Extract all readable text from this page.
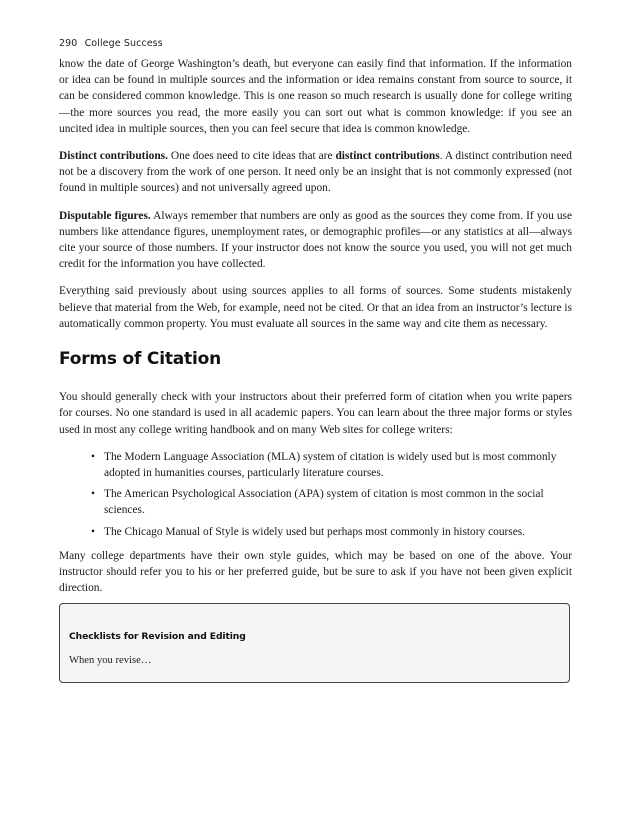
290 College Success

know the date of George Washington’s death, but everyone can easily find that information. If the information or idea can be found in multiple sources and the information or idea remains constant from source to source, it can be considered common knowledge. This is one reason so much research is usually done for college writing—the more sources you read, the more easily you can sort out what is common knowledge: if you see an uncited idea in multiple sources, then you can feel secure that idea is common knowledge.

Distinct contributions. One does need to cite ideas that are distinct contributions. A distinct contribution need not be a discovery from the work of one person. It need only be an insight that is not commonly expressed (not found in multiple sources) and not universally agreed upon.

Disputable figures. Always remember that numbers are only as good as the sources they come from. If you use numbers like attendance figures, unemployment rates, or demographic profiles—or any statistics at all—always cite your source of those numbers. If your instructor does not know the source you used, you will not get much credit for the information you have collected.

Everything said previously about using sources applies to all forms of sources. Some students mistakenly believe that material from the Web, for example, need not be cited. Or that an idea from an instructor’s lecture is automatically common property. You must evaluate all sources in the same way and cite them as necessary.

Forms of Citation

You should generally check with your instructors about their preferred form of citation when you write papers for courses. No one standard is used in all academic papers. You can learn about the three major forms or styles used in most any college writing handbook and on many Web sites for college writers:

• The Modern Language Association (MLA) system of citation is widely used but is most commonly adopted in humanities courses, particularly literature courses.
• The American Psychological Association (APA) system of citation is most common in the social sciences.
• The Chicago Manual of Style is widely used but perhaps most commonly in history courses.

Many college departments have their own style guides, which may be based on one of the above. Your instructor should refer you to his or her preferred guide, but be sure to ask if you have not been given explicit direction.

Checklists for Revision and Editing
When you revise…
